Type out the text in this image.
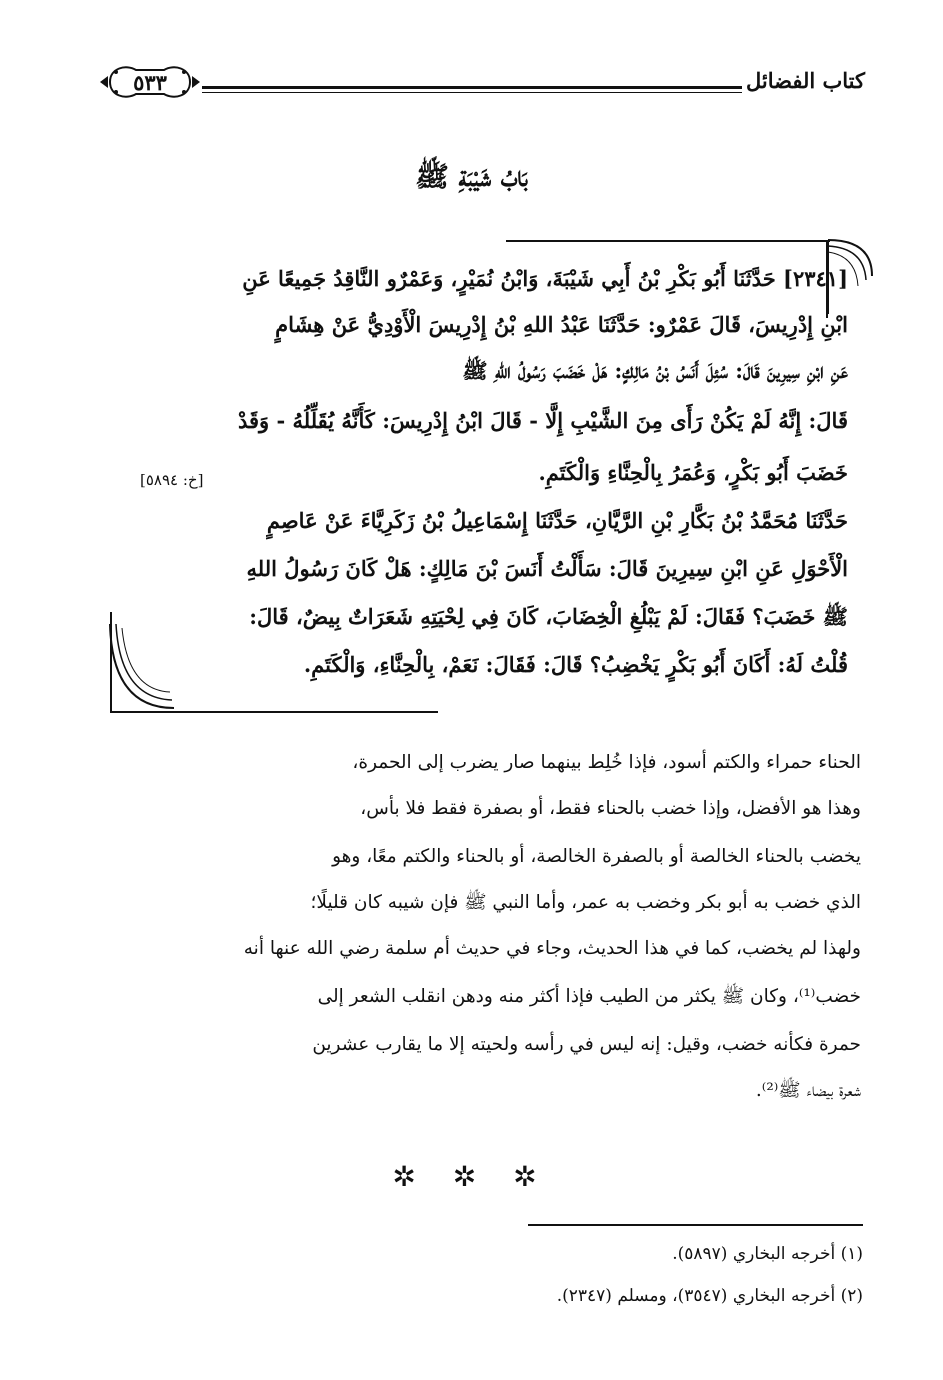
كتاب الفضائل
٥٣٣
بَابُ شَيْبَةِ ﷺ
[٢٣٤١] حَدَّثَنَا أَبُو بَكْرِ بْنُ أَبِي شَيْبَةَ، وَابْنُ نُمَيْرٍ، وَعَمْرٌو النَّاقِدُ جَمِيعًا عَنِ
ابْنِ إِدْرِيسَ، قَالَ عَمْرٌو: حَدَّثَنَا عَبْدُ اللهِ بْنُ إِدْرِيسَ الْأَوْدِيُّ عَنْ هِشَامٍ
عَنِ ابْنِ سِيرِينَ قَالَ: سُئِلَ أَنَسُ بْنُ مَالِكٍ: هَلْ خَضَبَ رَسُولُ اللهِ ﷺ
قَالَ: إِنَّهُ لَمْ يَكُنْ رَأَى مِنَ الشَّيْبِ إِلَّا - قَالَ ابْنُ إِدْرِيسَ: كَأَنَّهُ يُقَلِّلُهُ - وَقَدْ
خَضَبَ أَبُو بَكْرٍ، وَعُمَرُ بِالْحِنَّاءِ وَالْكَتَمِ.
[خ: ٥٨٩٤]
حَدَّثَنَا مُحَمَّدُ بْنُ بَكَّارِ بْنِ الرَّيَّانِ، حَدَّثَنَا إِسْمَاعِيلُ بْنُ زَكَرِيَّاءَ عَنْ عَاصِمٍ
الْأَحْوَلِ عَنِ ابْنِ سِيرِينَ قَالَ: سَأَلْتُ أَنَسَ بْنَ مَالِكٍ: هَلْ كَانَ رَسُولُ اللهِ
ﷺ خَضَبَ؟ فَقَالَ: لَمْ يَبْلُغِ الْخِضَابَ، كَانَ فِي لِحْيَتِهِ شَعَرَاتٌ بِيضٌ، قَالَ:
قُلْتُ لَهُ: أَكَانَ أَبُو بَكْرٍ يَخْضِبُ؟ قَالَ: فَقَالَ: نَعَمْ، بِالْحِنَّاءِ، وَالْكَتَمِ.
الحناء حمراء والكتم أسود، فإذا خُلِط بينهما صار يضرب إلى الحمرة،
وهذا هو الأفضل، وإذا خضب بالحناء فقط، أو بصفرة فقط فلا بأس،
يخضب بالحناء الخالصة أو بالصفرة الخالصة، أو بالحناء والكتم معًا، وهو
الذي خضب به أبو بكر وخضب به عمر، وأما النبي ﷺ فإن شيبه كان قليلًا؛
ولهذا لم يخضب، كما في هذا الحديث، وجاء في حديث أم سلمة رضي الله عنها أنه
خضب⁽¹⁾، وكان ﷺ يكثر من الطيب فإذا أكثر منه ودهن انقلب الشعر إلى
حمرة فكأنه خضب، وقيل: إنه ليس في رأسه ولحيته إلا ما يقارب عشرين
شعرة بيضاء ﷺ⁽²⁾.
✲ ✲ ✲
(١) أخرجه البخاري (٥٨٩٧).
(٢) أخرجه البخاري (٣٥٤٧)، ومسلم (٢٣٤٧).
